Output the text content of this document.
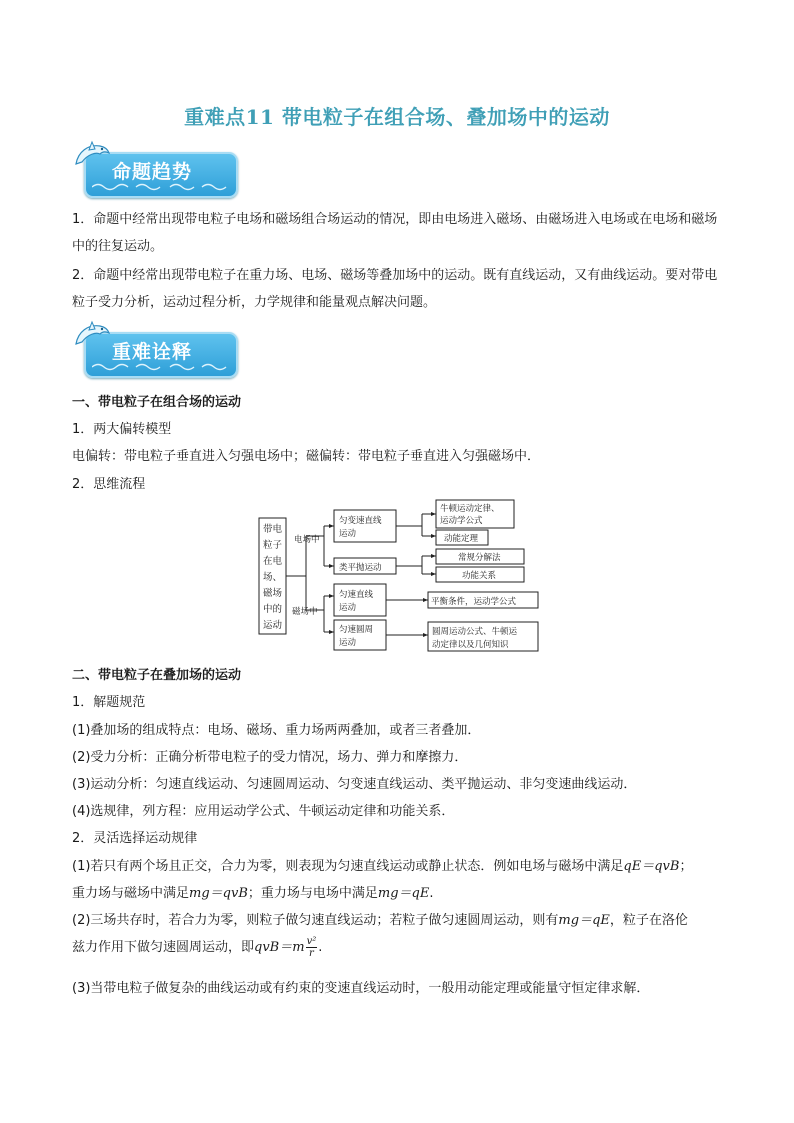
重难点11 带电粒子在组合场、叠加场中的运动
命题趋势
1．命题中经常出现带电粒子电场和磁场组合场运动的情况，即由电场进入磁场、由磁场进入电场或在电场和磁场中的往复运动。
2．命题中经常出现带电粒子在重力场、电场、磁场等叠加场中的运动。既有直线运动，又有曲线运动。要对带电粒子受力分析，运动过程分析，力学规律和能量观点解决问题。
重难诠释
一、带电粒子在组合场的运动
1．两大偏转模型
电偏转：带电粒子垂直进入匀强电场中；磁偏转：带电粒子垂直进入匀强磁场中．
2．思维流程
带电
粒子
在电
场、
磁场
中的
运动
电场中
磁场中
匀变速直线
运动
类平抛运动
匀速直线
运动
匀速圆周
运动
牛顿运动定律、
运动学公式
动能定理
常规分解法
功能关系
平衡条件，运动学公式
圆周运动公式、牛顿运
动定律以及几何知识
二、带电粒子在叠加场的运动
1．解题规范
(1)叠加场的组成特点：电场、磁场、重力场两两叠加，或者三者叠加．
(2)受力分析：正确分析带电粒子的受力情况，场力、弹力和摩擦力．
(3)运动分析：匀速直线运动、匀速圆周运动、匀变速直线运动、类平抛运动、非匀变速曲线运动．
(4)选规律，列方程：应用运动学公式、牛顿运动定律和功能关系．
2．灵活选择运动规律
(1)若只有两个场且正交，合力为零，则表现为匀速直线运动或静止状态．例如电场与磁场中满足qE＝qvB；
重力场与磁场中满足mg＝qvB；重力场与电场中满足mg＝qE.
(2)三场共存时，若合力为零，则粒子做匀速直线运动；若粒子做匀速圆周运动，则有mg＝qE，粒子在洛伦
兹力作用下做匀速圆周运动，即$qvB=m \frac{\text{v²}}{r}$ .
(3)当带电粒子做复杂的曲线运动或有约束的变速直线运动时，一般用动能定理或能量守恒定律求解．
